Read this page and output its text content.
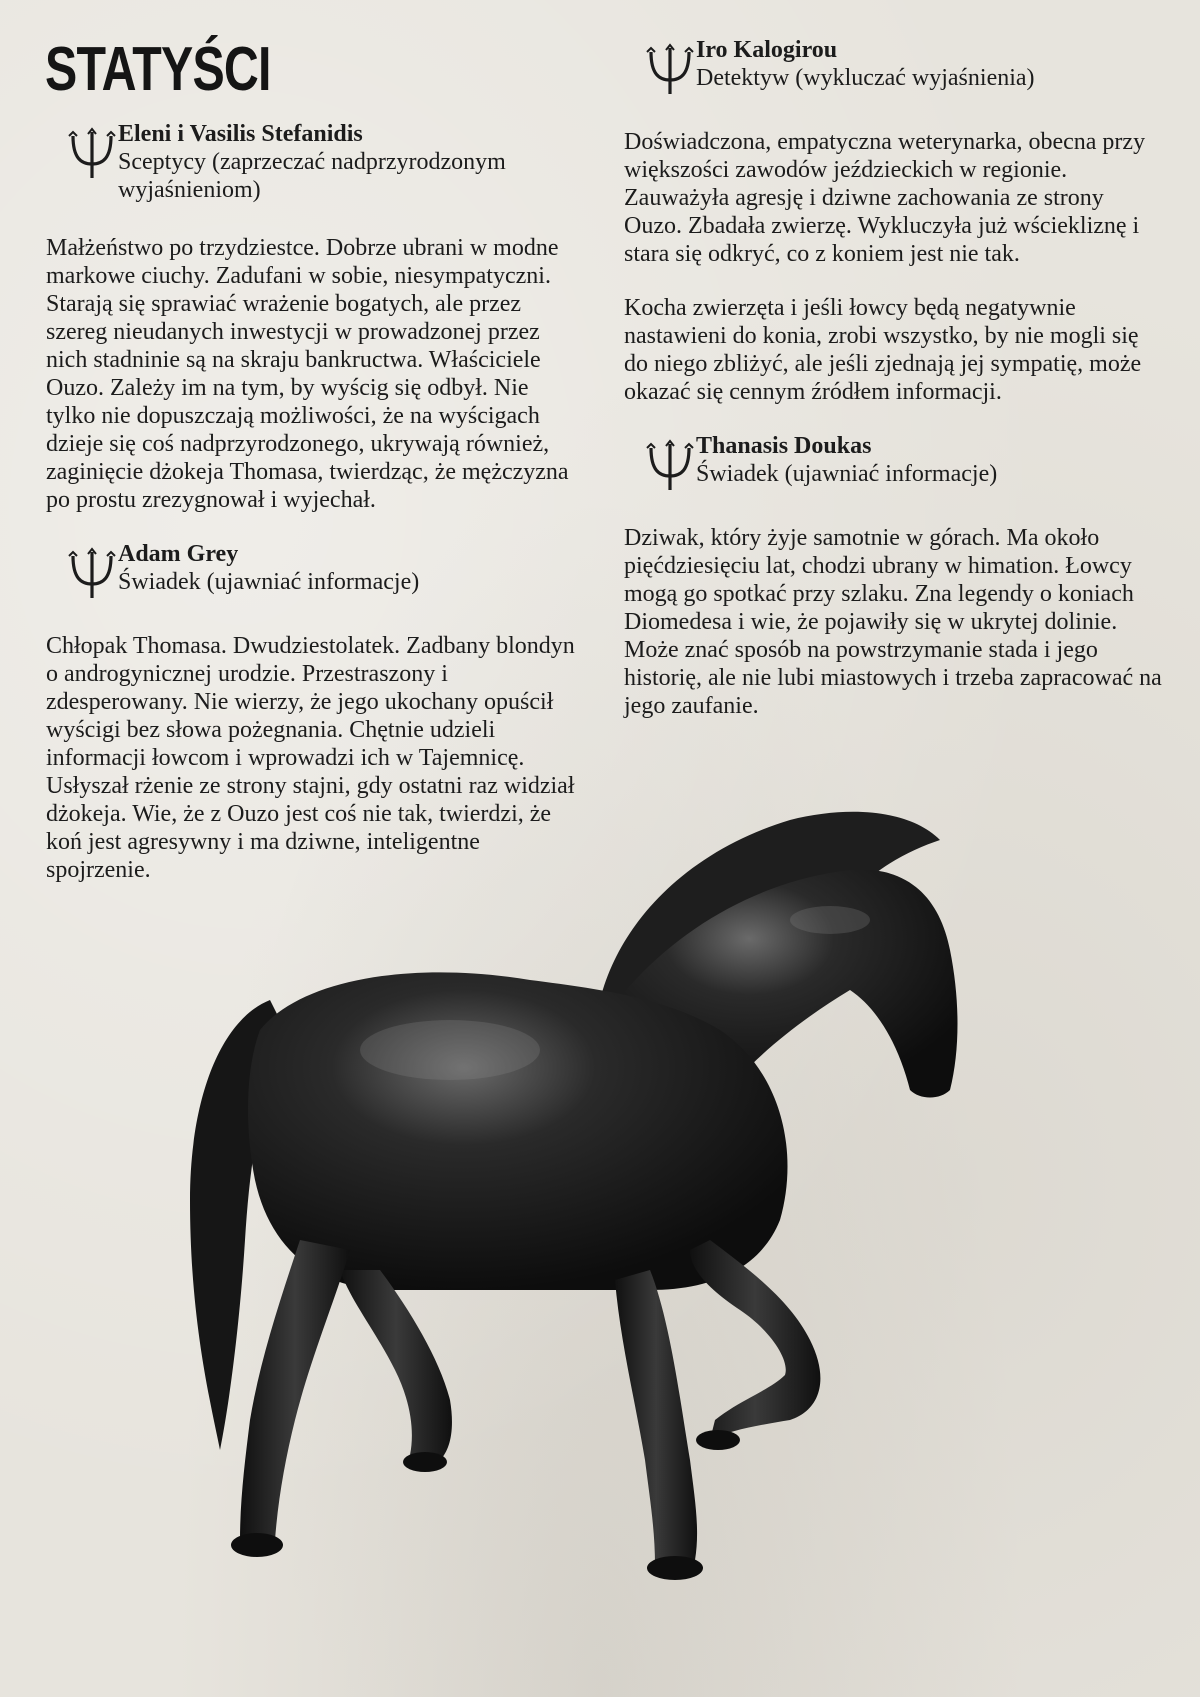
STATYŚCI
Eleni i Vasilis Stefanidis
Sceptycy (zaprzeczać nadprzyrodzonym wyjaśnieniom)

Małżeństwo po trzydziestce. Dobrze ubrani w modne markowe ciuchy. Zadufani w sobie, niesympatyczni. Starają się sprawiać wrażenie bogatych, ale przez szereg nieudanych inwestycji w prowadzonej przez nich stadninie są na skraju bankructwa. Właściciele Ouzo. Zależy im na tym, by wyścig się odbył. Nie tylko nie dopuszczają możliwości, że na wyścigach dzieje się coś nadprzyrodzonego, ukrywają również, zaginięcie dżokeja Thomasa, twierdząc, że mężczyzna po prostu zrezygnował i wyjechał.

Adam Grey
Świadek (ujawniać informacje)

Chłopak Thomasa. Dwudziestolatek. Zadbany blondyn o androgynicznej urodzie. Przestraszony i zdesperowany. Nie wierzy, że jego ukochany opuścił wyścigi bez słowa pożegnania. Chętnie udzieli informacji łowcom i wprowadzi ich w Tajemnicę. Usłyszał rżenie ze strony stajni, gdy ostatni raz widział dżokeja. Wie, że z Ouzo jest coś nie tak, twierdzi, że koń jest agresywny i ma dziwne, inteligentne spojrzenie.

Iro Kalogirou
Detektyw (wykluczać wyjaśnienia)

Doświadczona, empatyczna weterynarka, obecna przy większości zawodów jeździeckich w regionie. Zauważyła agresję i dziwne zachowania ze strony Ouzo. Zbadała zwierzę. Wykluczyła już wściekliznę i stara się odkryć, co z koniem jest nie tak.

Kocha zwierzęta i jeśli łowcy będą negatywnie nastawieni do konia, zrobi wszystko, by nie mogli się do niego zbliżyć, ale jeśli zjednają jej sympatię, może okazać się cennym źródłem informacji.

Thanasis Doukas
Świadek (ujawniać informacje)

Dziwak, który żyje samotnie w górach. Ma około pięćdziesięciu lat, chodzi ubrany w himation. Łowcy mogą go spotkać przy szlaku. Zna legendy o koniach Diomedesa i wie, że pojawiły się w ukrytej dolinie. Może znać sposób na powstrzymanie stada i jego historię, ale nie lubi miastowych i trzeba zapracować na jego zaufanie.
